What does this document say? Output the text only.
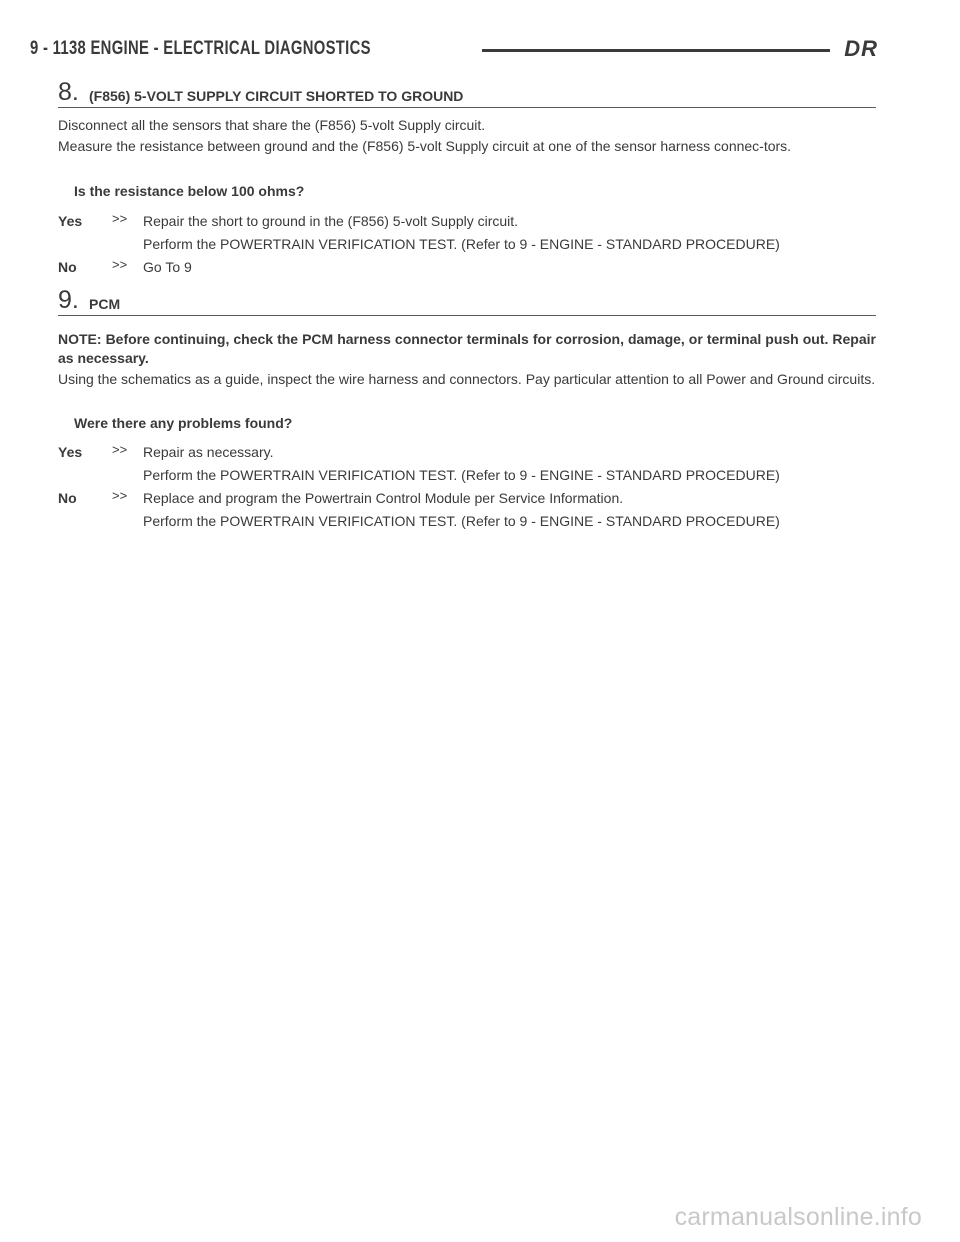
9 - 1138 ENGINE - ELECTRICAL DIAGNOSTICS	DR
8. (F856) 5-VOLT SUPPLY CIRCUIT SHORTED TO GROUND
Disconnect all the sensors that share the (F856) 5-volt Supply circuit.
Measure the resistance between ground and the (F856) 5-volt Supply circuit at one of the sensor harness connec-tors.
Is the resistance below 100 ohms?
Yes >> Repair the short to ground in the (F856) 5-volt Supply circuit.
Perform the POWERTRAIN VERIFICATION TEST. (Refer to 9 - ENGINE - STANDARD PROCEDURE)
No	>> Go To 9
9. PCM
NOTE: Before continuing, check the PCM harness connector terminals for corrosion, damage, or terminal push out. Repair as necessary.
Using the schematics as a guide, inspect the wire harness and connectors. Pay particular attention to all Power and Ground circuits.
Were there any problems found?
Yes >> Repair as necessary.
Perform the POWERTRAIN VERIFICATION TEST. (Refer to 9 - ENGINE - STANDARD PROCEDURE)
No	>> Replace and program the Powertrain Control Module per Service Information.
Perform the POWERTRAIN VERIFICATION TEST. (Refer to 9 - ENGINE - STANDARD PROCEDURE)
carmanualsonline.info
